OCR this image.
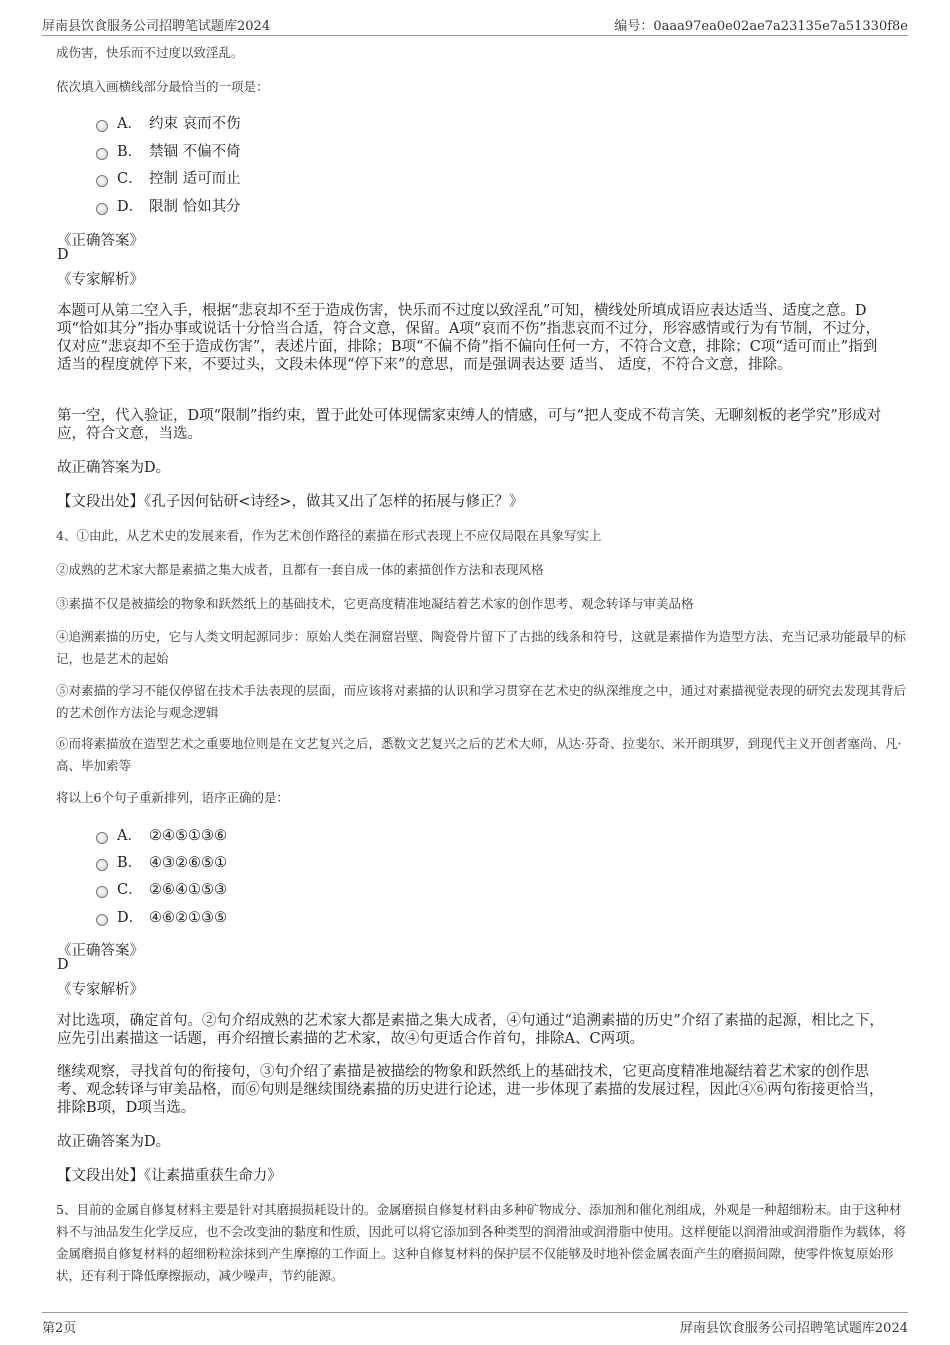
屏南县饮食服务公司招聘笔试题库2024	编号：0aaa97ea0e02ae7a23135e7a51330f8e
成伤害，快乐而不过度以致淫乱。
依次填入画横线部分最恰当的一项是：
A． 约束 哀而不伤
B． 禁锢 不偏不倚
C． 控制 适可而止
D． 限制 恰如其分
《正确答案》
D
《专家解析》
本题可从第二空入手，根据“悲哀却不至于造成伤害，快乐而不过度以致淫乱”可知，横线处所填成语应表达适当、适度之意。D项“恰如其分”指办事或说话十分恰当合适，符合文意，保留。A项“哀而不伤”指悲哀而不过分，形容感情或行为有节制，不过分，仅对应“悲哀却不至于造成伤害”，表述片面，排除；B项“不偏不倚”指不偏向任何一方，不符合文意，排除；C项“适可而止”指到适当的程度就停下来，不要过头，文段未体现“停下来”的意思，而是强调表达要 适当、 适度，不符合文意，排除。
第一空，代入验证，D项“限制”指约束，置于此处可体现儒家束缚人的情感，可与“把人变成不苟言笑、无聊刻板的老学究”形成对应，符合文意，当选。
故正确答案为D。
【文段出处】《孔子因何钻研<诗经>，做其又出了怎样的拓展与修正？》
4、①由此，从艺术史的发展来看，作为艺术创作路径的素描在形式表现上不应仅局限在具象写实上
②成熟的艺术家大都是素描之集大成者，且都有一套自成一体的素描创作方法和表现风格
③素描不仅是被描绘的物象和跃然纸上的基础技术，它更高度精准地凝结着艺术家的创作思考、观念转译与审美品格
④追溯素描的历史，它与人类文明起源同步：原始人类在洞窟岩壁、陶瓷骨片留下了古拙的线条和符号，这就是素描作为造型方法、充当记录功能最早的标记，也是艺术的起始
⑤对素描的学习不能仅停留在技术手法表现的层面，而应该将对素描的认识和学习贯穿在艺术史的纵深维度之中，通过对素描视觉表现的研究去发现其背后的艺术创作方法论与观念逻辑
⑥而将素描放在造型艺术之重要地位则是在文艺复兴之后，悉数文艺复兴之后的艺术大师，从达·芬奇、拉斐尔、米开朗琪罗，到现代主义开创者塞尚、凡·高、毕加索等
将以上6个句子重新排列，语序正确的是：
A． ②④⑤①③⑥
B． ④③②⑥⑤①
C． ②⑥④①⑤③
D． ④⑥②①③⑤
《正确答案》
D
《专家解析》
对比选项，确定首句。②句介绍成熟的艺术家大都是素描之集大成者，④句通过“追溯素描的历史”介绍了素描的起源，相比之下，应先引出素描这一话题，再介绍擅长素描的艺术家，故④句更适合作首句，排除A、C两项。
继续观察，寻找首句的衔接句，③句介绍了素描是被描绘的物象和跃然纸上的基础技术，它更高度精准地凝结着艺术家的创作思考、观念转译与审美品格，而⑥句则是继续围绕素描的历史进行论述，进一步体现了素描的发展过程，因此④⑥两句衔接更恰当，排除B项，D项当选。
故正确答案为D。
【文段出处】《让素描重获生命力》
5、目前的金属自修复材料主要是针对其磨损损耗设计的。金属磨损自修复材料由多种矿物成分、添加剂和催化剂组成，外观是一种超细粉末。由于这种材料不与油品发生化学反应，也不会改变油的黏度和性质，因此可以将它添加到各种类型的润滑油或润滑脂中使用。这样便能以润滑油或润滑脂作为载体，将金属磨损自修复材料的超细粉粒涂抹到产生摩擦的工作面上。这种自修复材料的保护层不仅能够及时地补偿金属表面产生的磨损间隙，使零件恢复原始形状，还有利于降低摩擦振动，减少噪声，节约能源。
第2页	屏南县饮食服务公司招聘笔试题库2024
